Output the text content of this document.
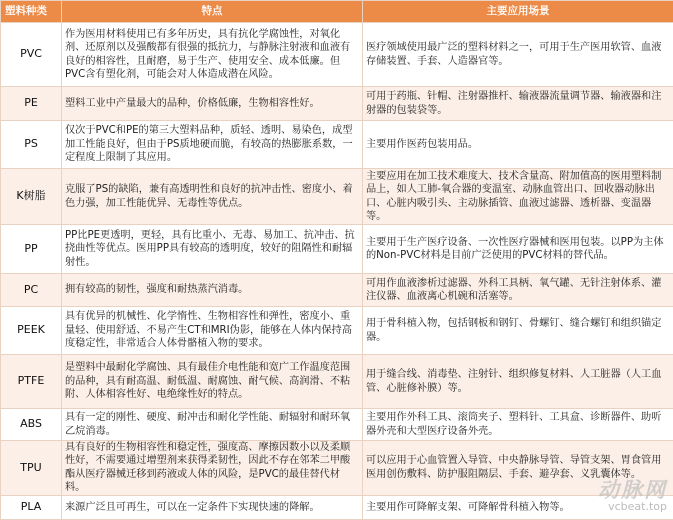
塑料种类	特点	主要应用场景
PVC	作为医用材料使用已有多年历史，具有抗化学腐蚀性，对氧化剂、还原剂以及强酸都有很强的抵抗力，与静脉注射液和血液有良好的相容性，且耐磨，易于生产、使用安全、成本低廉。但PVC含有塑化剂，可能会对人体造成潜在风险。	医疗领域使用最广泛的塑料材料之一，可用于生产医用软管、血液存储装置、手套、人造器官等。
PE	塑料工业中产量最大的品种，价格低廉，生物相容性好。	可用于药瓶、针帽、注射器推杆、输液器流量调节器、输液器和注射器的包装袋等。
PS	仅次于PVC和PE的第三大塑料品种，质轻、透明、易染色，成型加工性能良好，但由于PS质地硬而脆，有较高的热膨胀系数，一定程度上限制了其应用。	主要用作医药包装用品。
K树脂	克服了PS的缺陷，兼有高透明性和良好的抗冲击性、密度小、着色力强，加工性能优异、无毒性等优点。	主要应用在加工技术难度大、技术含量高、附加值高的医用塑料制品上，如人工肺-氧合器的变温室、动脉血管出口、回收器动脉出口、心脏内吸引头、主动脉插管、血液过滤器、透析器、变温器等。
PP	PP比PE更透明，更轻，具有比重小、无毒、易加工、抗冲击、抗挠曲性等优点。医用PP具有较高的透明度，较好的阻隔性和耐辐射性。	主要用于生产医疗设备、一次性医疗器械和医用包装。以PP为主体的Non-PVC材料是目前广泛使用的PVC材料的替代品。
PC	拥有较高的韧性，强度和耐热蒸汽消毒。	可用作血液渗析过滤器、外科工具柄、氧气罐、无针注射体系、灌注仪器、血液离心机碗和活塞等。
PEEK	具有优异的机械性、化学惰性、生物相容性和弹性，密度小、重量轻、使用舒适、不易产生CT和MRI伪影，能够在人体内保持高度稳定性，非常适合人体骨骼植入物的要求。	用于骨科植入物，包括钢板和钢钉、骨螺钉、缝合螺钉和组织锚定器。
PTFE	是塑料中最耐化学腐蚀、具有最佳介电性能和宽广工作温度范围的品种，具有耐高温、耐低温、耐腐蚀、耐气候、高润滑、不粘附、人体相容性好、电绝缘性好的特点。	用于缝合线、消毒垫、注射针、组织修复材料、人工脏器（人工血管、心脏修补膜）等。
ABS	具有一定的刚性、硬度、耐冲击和耐化学性能、耐辐射和耐环氧乙烷消毒。	主要用作外科工具、滚筒夹子、塑料针、工具盒、诊断器件、助听器外壳和大型医疗设备外壳。
TPU	具有良好的生物相容性和稳定性，强度高、摩擦因数小以及柔顺性好，不需要通过增塑剂来获得柔韧性，因此不存在邻苯二甲酸酯从医疗器械迁移到药液或人体的风险，是PVC的最佳替代材料。	可以应用于心血管置入导管、中央静脉导管、导管支架、胃食管用医用创伤敷料、防护服阻隔层、手套、避孕套、义乳囊体等。
PLA	来源广泛且可再生，可以在一定条件下实现快速的降解。	主要用作可降解支架、可降解骨科植入物等。
动脉网
vcbeat.top
